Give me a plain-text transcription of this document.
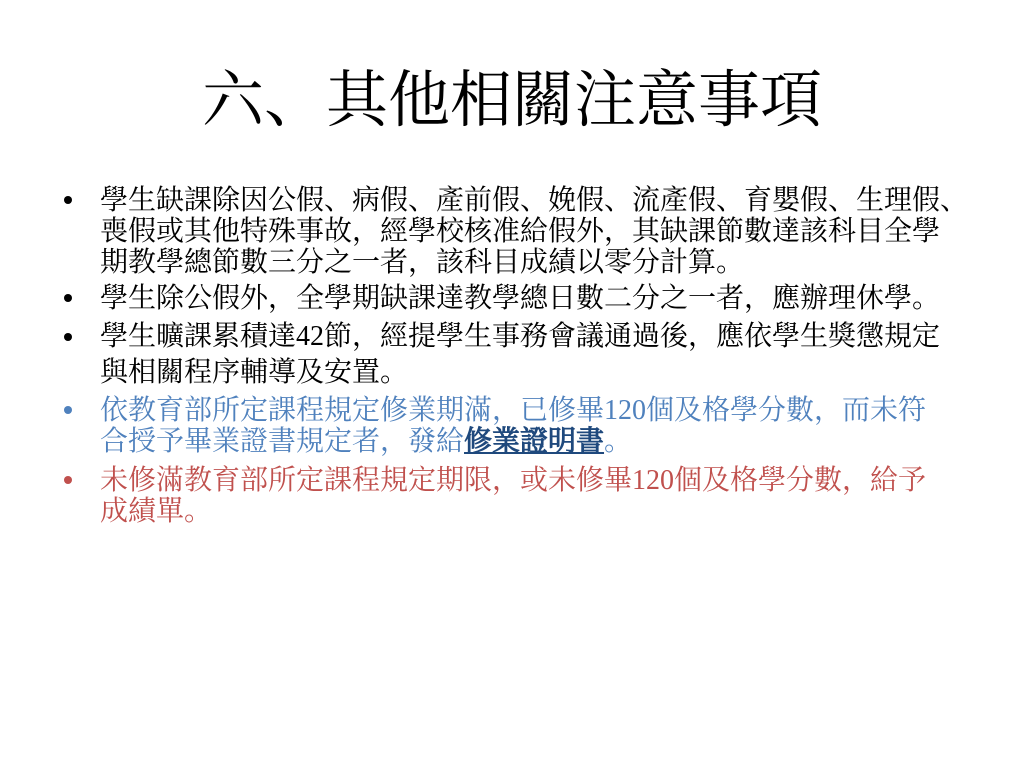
六、其他相關注意事項
學生缺課除因公假、病假、產前假、娩假、流產假、育嬰假、生理假、
喪假或其他特殊事故，經學校核准給假外，其缺課節數達該科目全學
期教學總節數三分之一者，該科目成績以零分計算。
學生除公假外，全學期缺課達教學總日數二分之一者，應辦理休學。
學生曠課累積達42節，經提學生事務會議通過後，應依學生獎懲規定
與相關程序輔導及安置。
依教育部所定課程規定修業期滿，已修畢120個及格學分數，而未符
合授予畢業證書規定者，發給修業證明書。
未修滿教育部所定課程規定期限，或未修畢120個及格學分數，給予
成績單。
